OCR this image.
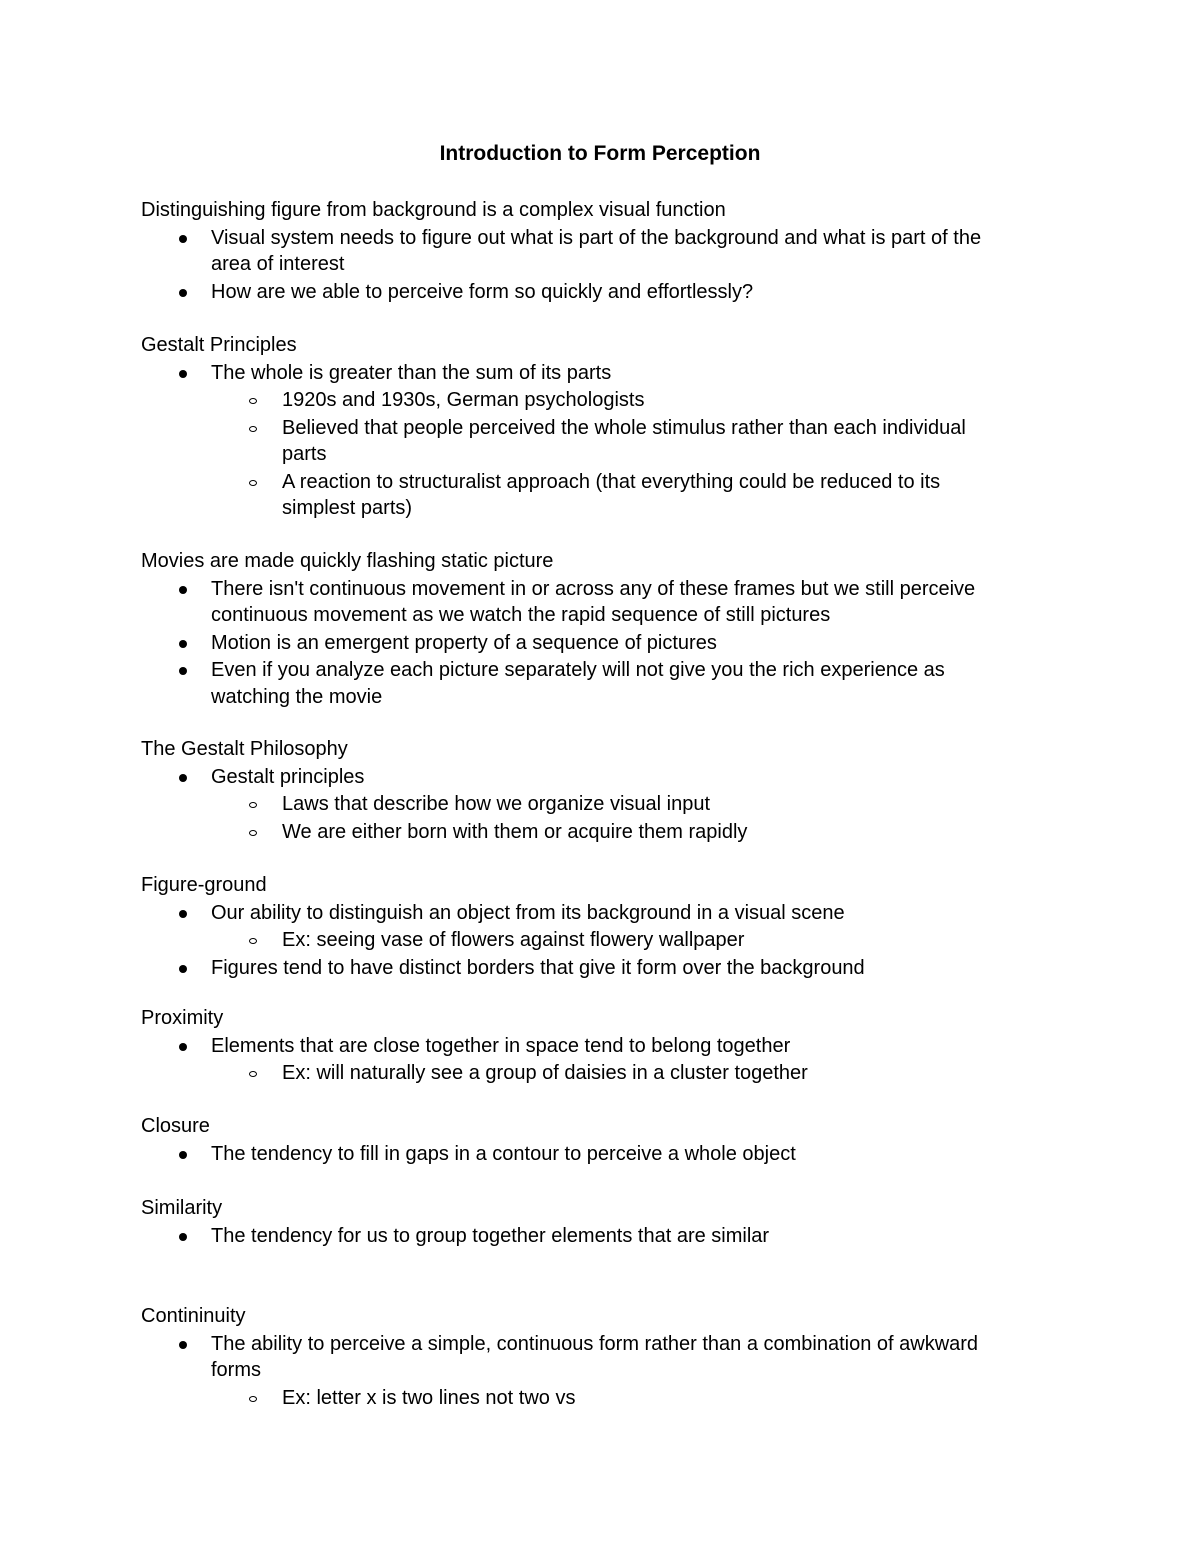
Introduction to Form Perception
Distinguishing figure from background is a complex visual function
Visual system needs to figure out what is part of the background and what is part of the
area of interest
How are we able to perceive form so quickly and effortlessly?
Gestalt Principles
The whole is greater than the sum of its parts
1920s and 1930s, German psychologists
Believed that people perceived the whole stimulus rather than each individual
parts
A reaction to structuralist approach (that everything could be reduced to its
simplest parts)
Movies are made quickly flashing static picture
There isn't continuous movement in or across any of these frames but we still perceive
continuous movement as we watch the rapid sequence of still pictures
Motion is an emergent property of a sequence of pictures
Even if you analyze each picture separately will not give you the rich experience as
watching the movie
The Gestalt Philosophy
Gestalt principles
Laws that describe how we organize visual input
We are either born with them or acquire them rapidly
Figure-ground
Our ability to distinguish an object from its background in a visual scene
Ex: seeing vase of flowers against flowery wallpaper
Figures tend to have distinct borders that give it form over the background
Proximity
Elements that are close together in space tend to belong together
Ex: will naturally see a group of daisies in a cluster together
Closure
The tendency to fill in gaps in a contour to perceive a whole object
Similarity
The tendency for us to group together elements that are similar
Contininuity
The ability to perceive a simple, continuous form rather than a combination of awkward
forms
Ex: letter x is two lines not two vs
